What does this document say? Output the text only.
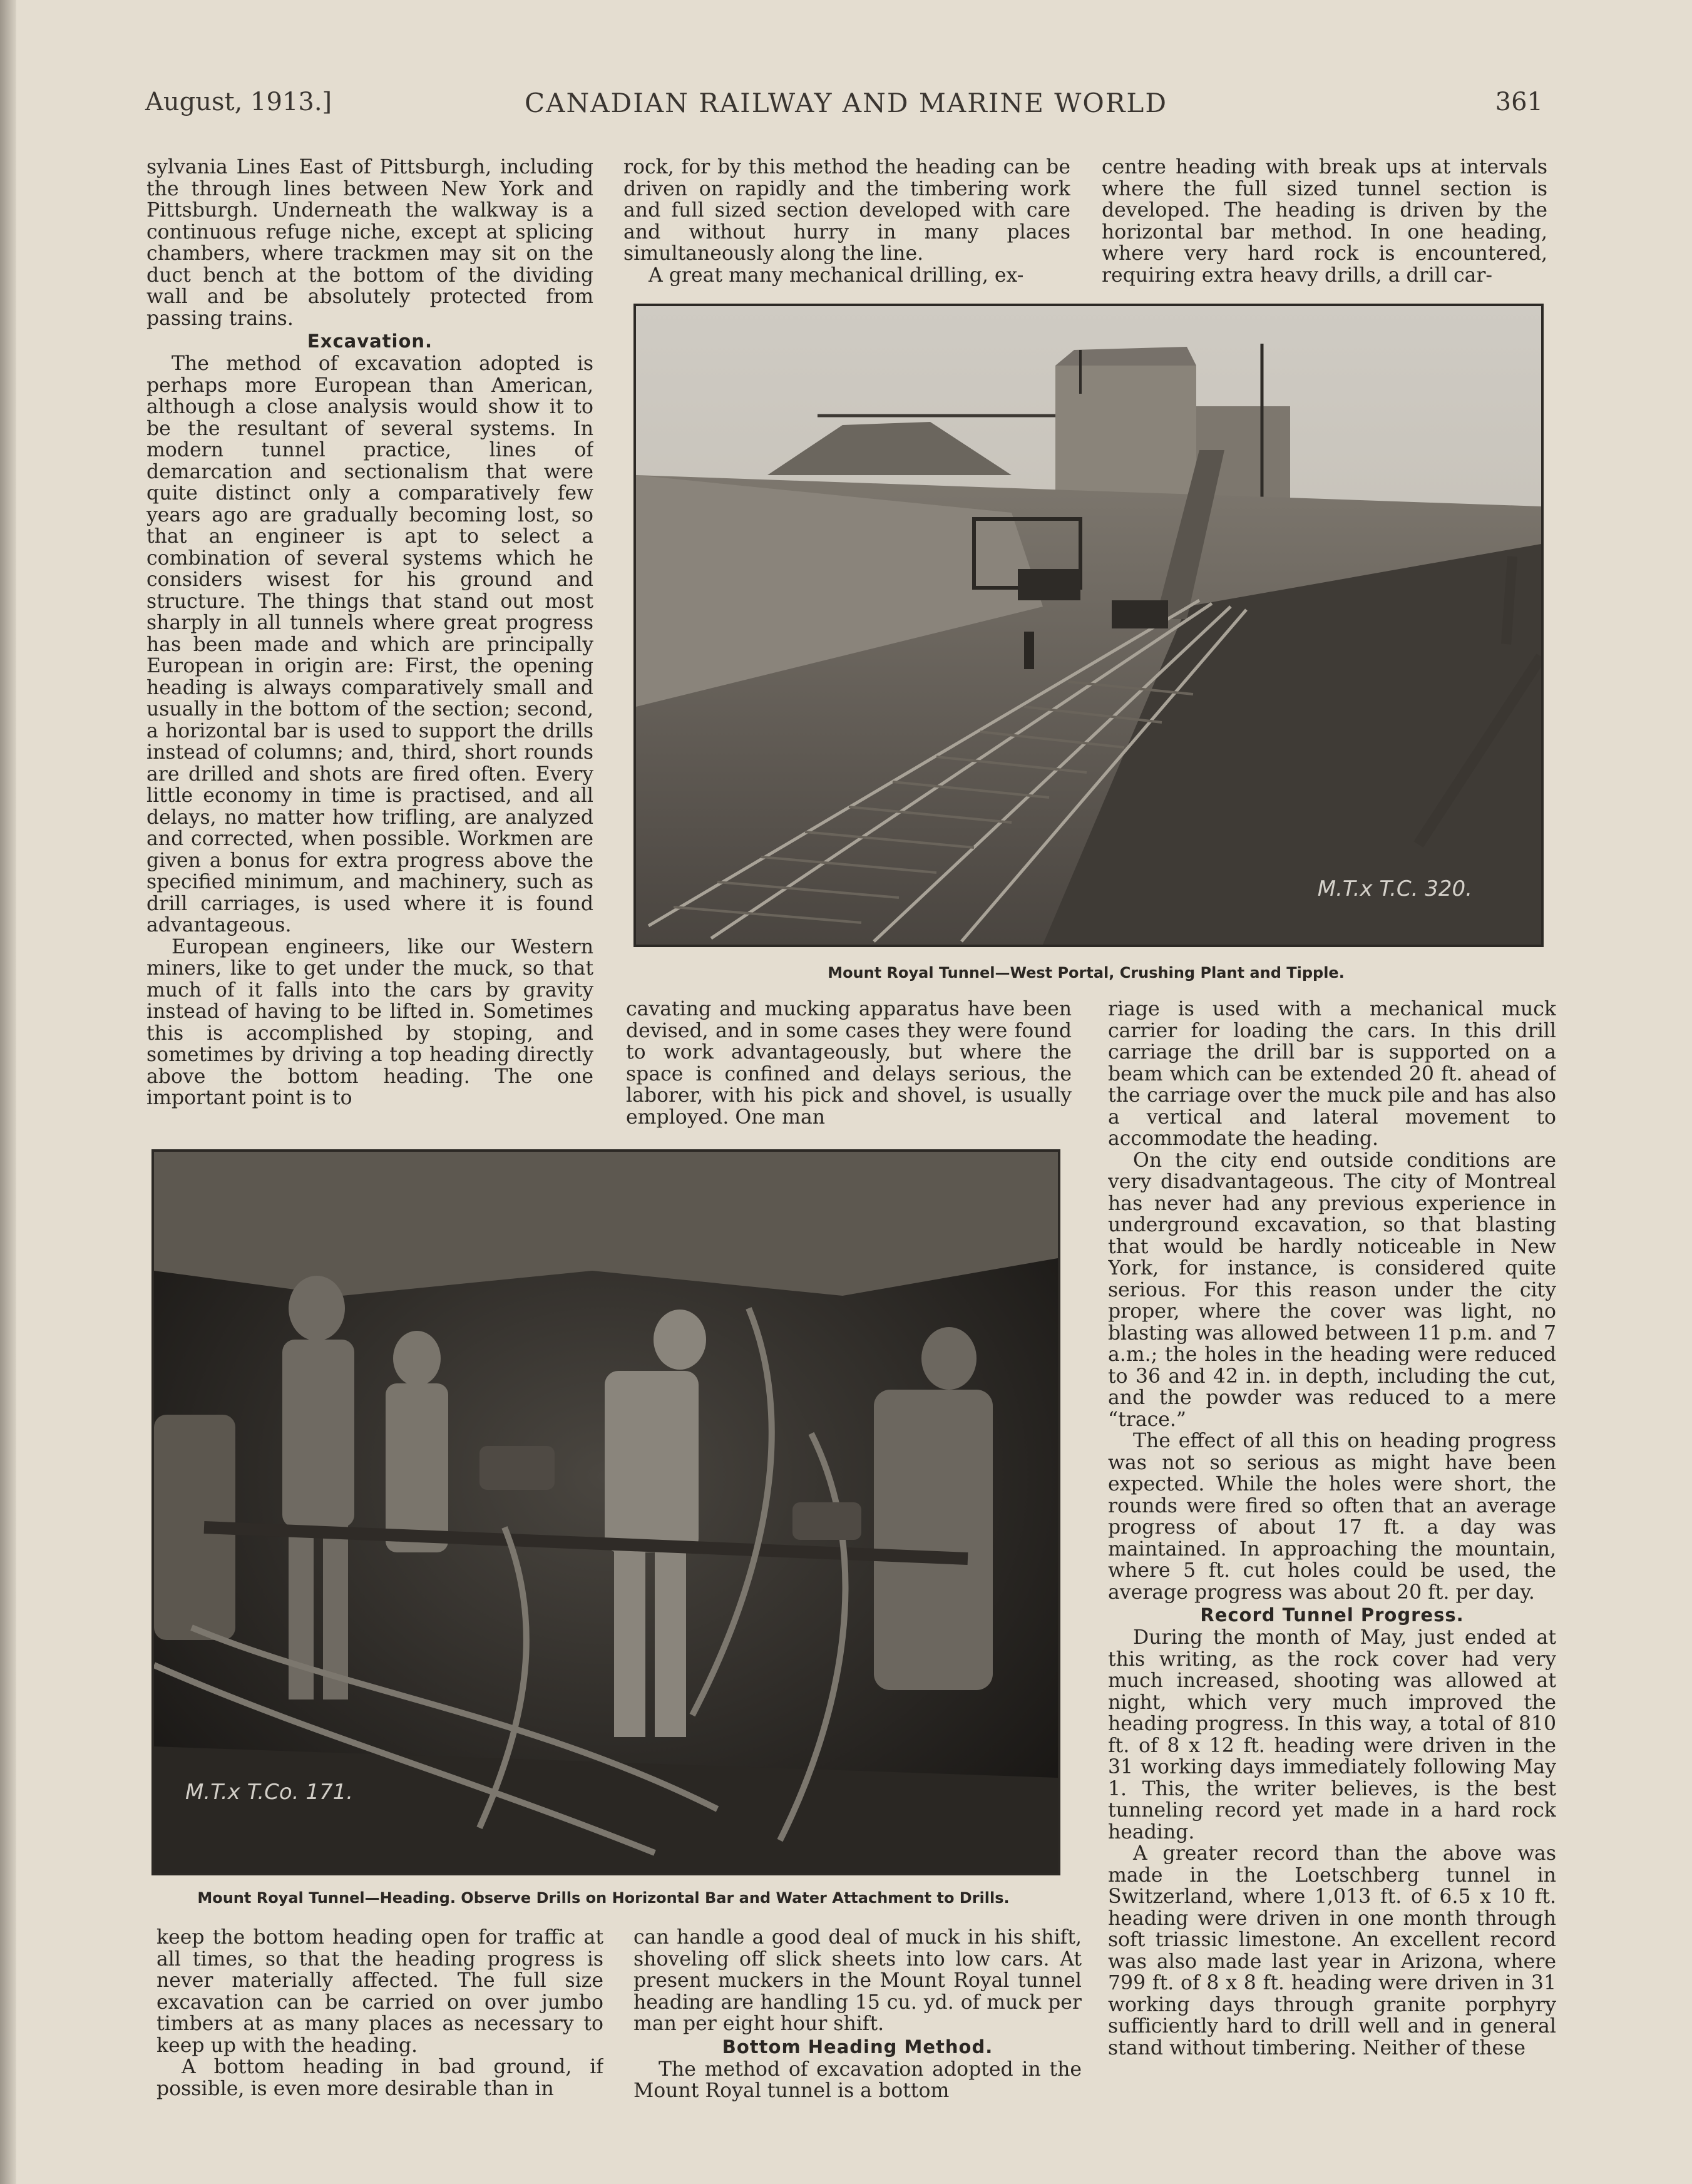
CANADIAN RAILWAY AND MARINE WORLD
August, 1913.]	361

sylvania Lines East of Pittsburgh, including the through lines between New York and Pittsburgh. Underneath the walkway is a continuous refuge niche, except at splicing chambers, where trackmen may sit on the duct bench at the bottom of the dividing wall and be absolutely protected from passing trains.

Excavation.

The method of excavation adopted is perhaps more European than American, although a close analysis would show it to be the resultant of several systems. In modern tunnel practice, lines of demarcation and sectionalism that were quite distinct only a comparatively few years ago are gradually becoming lost, so that an engineer is apt to select a combination of several systems which he considers wisest for his ground and structure. The things that stand out most sharply in all tunnels where great progress has been made and which are principally European in origin are: First, the opening heading is always comparatively small and usually in the bottom of the section; second, a horizontal bar is used to support the drills instead of columns; and, third, short rounds are drilled and shots are fired often. Every little economy in time is practised, and all delays, no matter how trifling, are analyzed and corrected, when possible. Workmen are given a bonus for extra progress above the specified minimum, and machinery, such as drill carriages, is used where it is found advantageous.

European engineers, like our Western miners, like to get under the muck, so that much of it falls into the cars by gravity instead of having to be lifted in. Sometimes this is accomplished by stoping, and sometimes by driving a top heading directly above the bottom heading. The one important point is to

rock, for by this method the heading can be driven on rapidly and the timbering work and full sized section developed with care and without hurry in many places simultaneously along the line.

A great many mechanical drilling, ex-

centre heading with break ups at intervals where the full sized tunnel section is developed. The heading is driven by the horizontal bar method. In one heading, where very hard rock is encountered, requiring extra heavy drills, a drill car-

M.T.x T.C. 320.
Mount Royal Tunnel—West Portal, Crushing Plant and Tipple.

cavating and mucking apparatus have been devised, and in some cases they were found to work advantageously, but where the space is confined and delays serious, the laborer, with his pick and shovel, is usually employed. One man

riage is used with a mechanical muck carrier for loading the cars. In this drill carriage the drill bar is supported on a beam which can be extended 20 ft. ahead of the carriage over the muck pile and has also a vertical and lateral movement to accommodate the heading.

On the city end outside conditions are very disadvantageous. The city of Montreal has never had any previous experience in underground excavation, so that blasting that would be hardly noticeable in New York, for instance, is considered quite serious. For this reason under the city proper, where the cover was light, no blasting was allowed between 11 p.m. and 7 a.m.; the holes in the heading were reduced to 36 and 42 in. in depth, including the cut, and the powder was reduced to a mere “trace.”

The effect of all this on heading progress was not so serious as might have been expected. While the holes were short, the rounds were fired so often that an average progress of about 17 ft. a day was maintained. In approaching the mountain, where 5 ft. cut holes could be used, the average progress was about 20 ft. per day.

Record Tunnel Progress.

During the month of May, just ended at this writing, as the rock cover had very much increased, shooting was allowed at night, which very much improved the heading progress. In this way, a total of 810 ft. of 8 x 12 ft. heading were driven in the 31 working days immediately following May 1. This, the writer believes, is the best tunneling record yet made in a hard rock heading.

A greater record than the above was made in the Loetschberg tunnel in Switzerland, where 1,013 ft. of 6.5 x 10 ft. heading were driven in one month through soft triassic limestone. An excellent record was also made last year in Arizona, where 799 ft. of 8 x 8 ft. heading were driven in 31 working days through granite porphyry sufficiently hard to drill well and in general stand without timbering. Neither of these

M.T.x T.Co. 171.
Mount Royal Tunnel—Heading. Observe Drills on Horizontal Bar and Water Attachment to Drills.

keep the bottom heading open for traffic at all times, so that the heading progress is never materially affected. The full size excavation can be carried on over jumbo timbers at as many places as necessary to keep up with the heading.

A bottom heading in bad ground, if possible, is even more desirable than in

can handle a good deal of muck in his shift, shoveling off slick sheets into low cars. At present muckers in the Mount Royal tunnel heading are handling 15 cu. yd. of muck per man per eight hour shift.

Bottom Heading Method.

The method of excavation adopted in the Mount Royal tunnel is a bottom
